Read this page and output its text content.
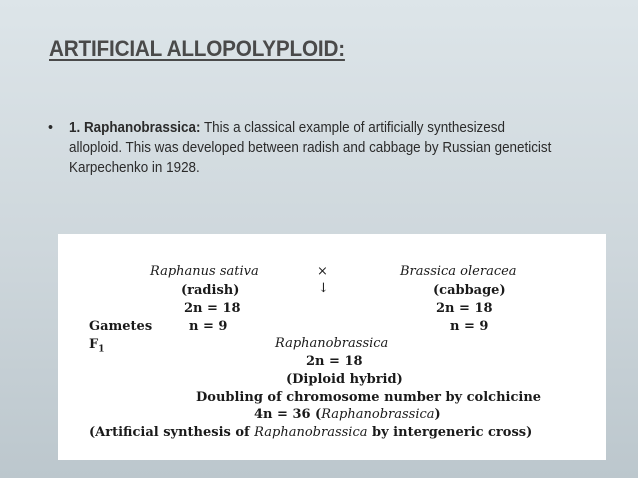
ARTIFICIAL ALLOPOLYPLOID:
• 1. Raphanobrassica: This a classical example of artificially synthesizesd alloploid. This was developed between radish and cabbage by Russian geneticist Karpechenko in 1928.
Raphanus sativa
(radish)
2n = 18
n = 9
×
↓
Brassica oleracea
(cabbage)
2n = 18
n = 9
Gametes
$F_1$	Raphanobrassica
2n = 18
(Diploid hybrid)
Doubling of chromosome number by colchicine
4n = 36 (Raphanobrassica)
(Artificial synthesis of Raphanobrassica by intergeneric cross)
